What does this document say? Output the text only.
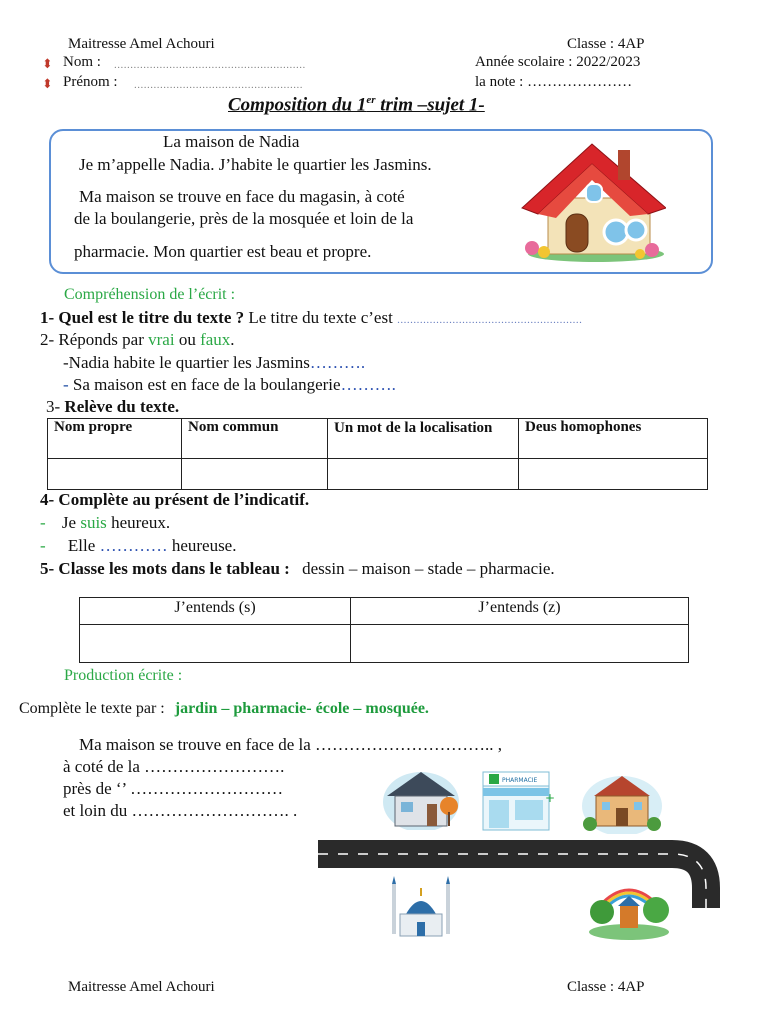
Maitresse Amel Achouri	Classe : 4AP
⬍ Nom : ...........................................................	Année scolaire : 2022/2023
⬍ Prénom : ....................................................	la note : …………………
Composition du 1er trim –sujet 1-
La maison de Nadia
Je m’appelle Nadia. J’habite le quartier les Jasmins.
Ma maison se trouve en face du magasin, à coté
de la boulangerie, près de la mosquée et loin de la
pharmacie. Mon quartier est beau et propre.
Compréhension de l’écrit :
1- Quel est le titre du texte ? Le titre du texte c’est .........................................................
2- Réponds par vrai ou faux.
-Nadia habite le quartier les Jasmins……….
- Sa maison est en face de la boulangerie……….
3- Relève du texte.
Nom propre	Nom commun	Un mot de la localisation	Deus homophones

4- Complète au présent de l’indicatif.
- Je suis heureux.
- Elle ………… heureuse.
5- Classe les mots dans le tableau : dessin – maison – stade – pharmacie.
J’entends (s)	J’entends (z)

Production écrite :
Complète le texte par : jardin – pharmacie- école – mosquée.
Ma maison se trouve en face de la ………………………….. ,
à coté de la …………………….
près de ‘’ ………………………
et loin du ………………………. .
PHARMACIE
+
Maitresse Amel Achouri	Classe : 4AP
